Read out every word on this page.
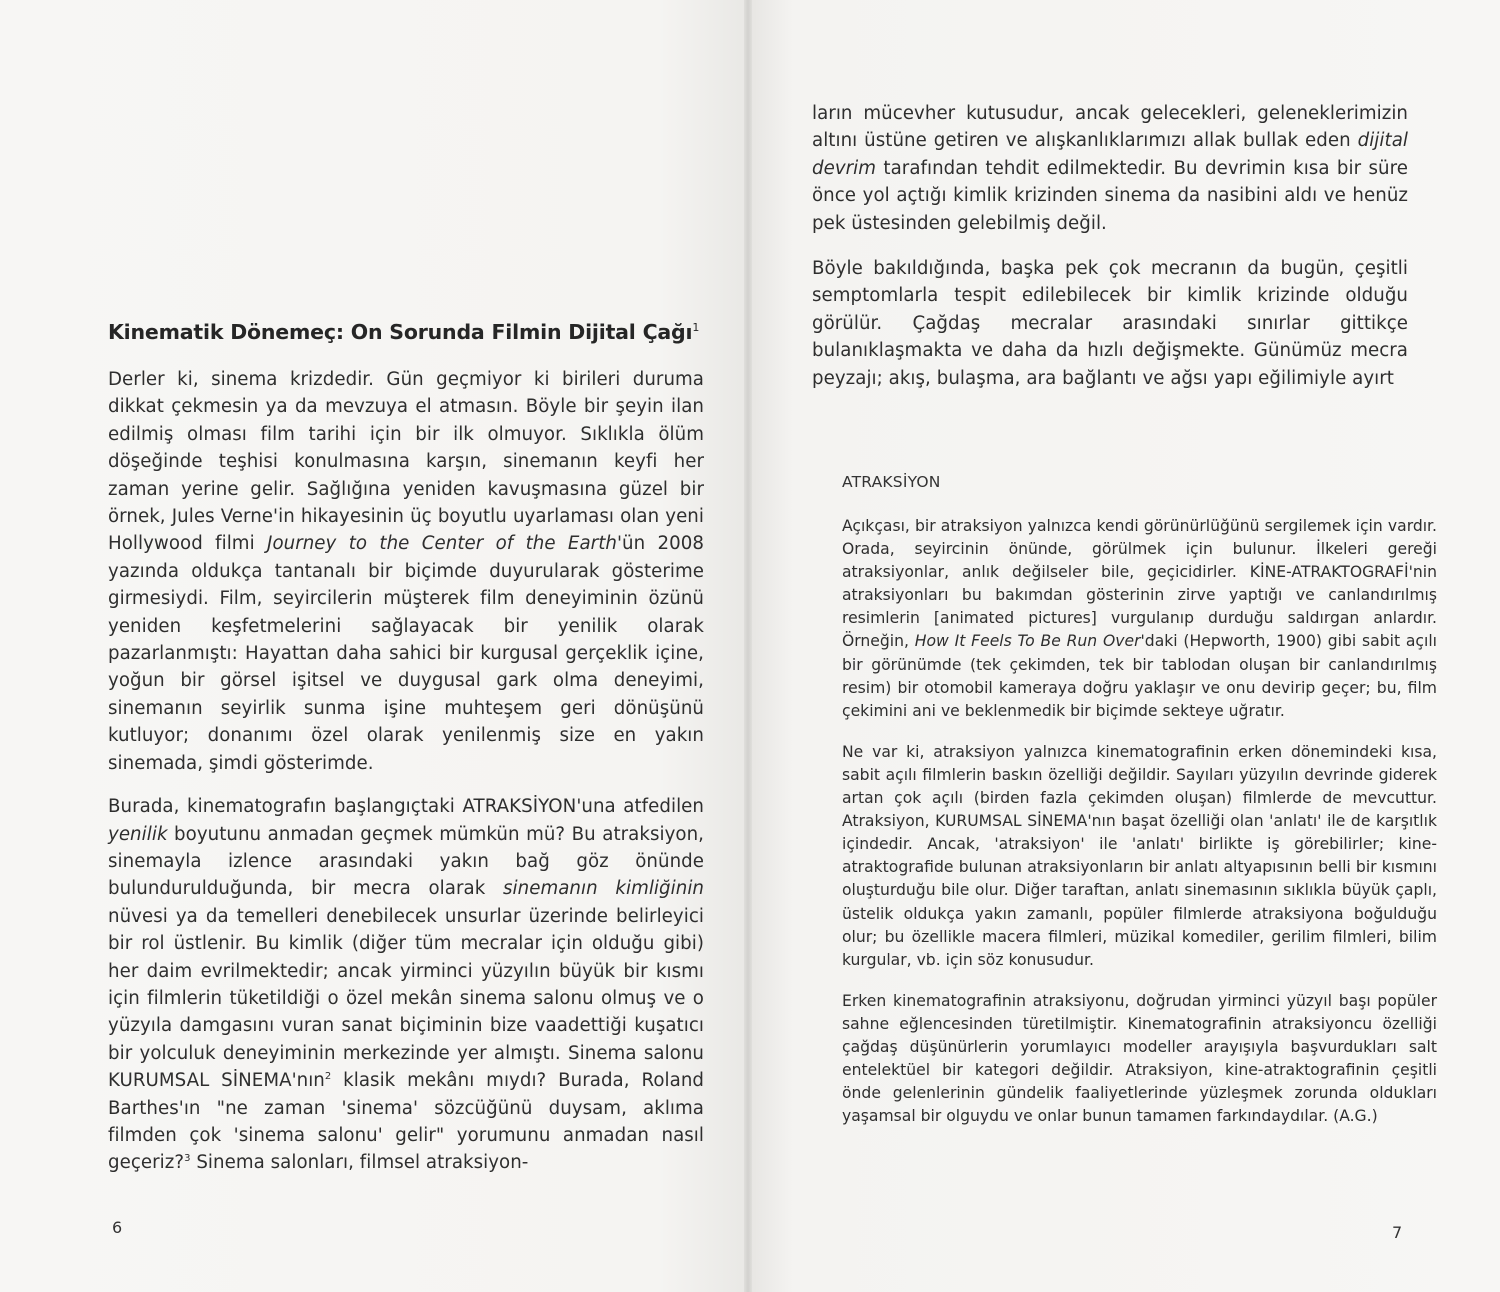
Kinematik Dönemeç: On Sorunda Filmin Dijital Çağı$^1$

Derler ki, sinema krizdedir. Gün geçmiyor ki birileri duruma dikkat çekmesin ya da mevzuya el atmasın. Böyle bir şeyin ilan edilmiş olması film tarihi için bir ilk olmuyor. Sıklıkla ölüm döşeğinde teşhisi konulmasına karşın, sinemanın keyfi her zaman yerine gelir. Sağlığına yeniden kavuşmasına güzel bir örnek, Jules Verne'in hikayesinin üç boyutlu uyarlaması olan yeni Hollywood filmi Journey to the Center of the Earth'ün 2008 yazında oldukça tantanalı bir biçimde duyurularak gösterime girmesiydi. Film, seyircilerin müşterek film deneyiminin özünü yeniden keşfetmelerini sağlayacak bir yenilik olarak pazarlanmıştı: Hayattan daha sahici bir kurgusal gerçeklik içine, yoğun bir görsel işitsel ve duygusal gark olma deneyimi, sinemanın seyirlik sunma işine muhteşem geri dönüşünü kutluyor; donanımı özel olarak yenilenmiş size en yakın sinemada, şimdi gösterimde.

Burada, kinematografın başlangıçtaki ATRAKSİYON'una atfedilen yenilik boyutunu anmadan geçmek mümkün mü? Bu atraksiyon, sinemayla izlence arasındaki yakın bağ göz önünde bulundurulduğunda, bir mecra olarak sinemanın kimliğinin nüvesi ya da temelleri denebilecek unsurlar üzerinde belirleyici bir rol üstlenir. Bu kimlik (diğer tüm mecralar için olduğu gibi) her daim evrilmektedir; ancak yirminci yüzyılın büyük bir kısmı için filmlerin tüketildiği o özel mekân sinema salonu olmuş ve o yüzyıla damgasını vuran sanat biçiminin bize vaadettiği kuşatıcı bir yolculuk deneyiminin merkezinde yer almıştı. Sinema salonu KURUMSAL SİNEMA'nın$^2$ klasik mekânı mıydı? Burada, Roland Barthes'ın "ne zaman 'sinema' sözcüğünü duysam, aklıma filmden çok 'sinema salonu' gelir" yorumunu anmadan nasıl geçeriz?$^3$ Sinema salonları, filmsel atraksiyon-

6

ların mücevher kutusudur, ancak gelecekleri, geleneklerimizin altını üstüne getiren ve alışkanlıklarımızı allak bullak eden dijital devrim tarafından tehdit edilmektedir. Bu devrimin kısa bir süre önce yol açtığı kimlik krizinden sinema da nasibini aldı ve henüz pek üstesinden gelebilmiş değil.

Böyle bakıldığında, başka pek çok mecranın da bugün, çeşitli semptomlarla tespit edilebilecek bir kimlik krizinde olduğu görülür. Çağdaş mecralar arasındaki sınırlar gittikçe bulanıklaşmakta ve daha da hızlı değişmekte. Günümüz mecra peyzajı; akış, bulaşma, ara bağlantı ve ağsı yapı eğilimiyle ayırt

ATRAKSİYON

Açıkçası, bir atraksiyon yalnızca kendi görünürlüğünü sergilemek için vardır. Orada, seyircinin önünde, görülmek için bulunur. İlkeleri gereği atraksiyonlar, anlık değilseler bile, geçicidirler. KİNE-ATRAKTOGRAFİ'nin atraksiyonları bu bakımdan gösterinin zirve yaptığı ve canlandırılmış resimlerin [animated pictures] vurgulanıp durduğu saldırgan anlardır. Örneğin, How It Feels To Be Run Over'daki (Hepworth, 1900) gibi sabit açılı bir görünümde (tek çekimden, tek bir tablodan oluşan bir canlandırılmış resim) bir otomobil kameraya doğru yaklaşır ve onu devirip geçer; bu, film çekimini ani ve beklenmedik bir biçimde sekteye uğratır.

Ne var ki, atraksiyon yalnızca kinematografinin erken dönemindeki kısa, sabit açılı filmlerin baskın özelliği değildir. Sayıları yüzyılın devrinde giderek artan çok açılı (birden fazla çekimden oluşan) filmlerde de mevcuttur. Atraksiyon, KURUMSAL SİNEMA'nın başat özelliği olan 'anlatı' ile de karşıtlık içindedir. Ancak, 'atraksiyon' ile 'anlatı' birlikte iş görebilirler; kine-atraktografide bulunan atraksiyonların bir anlatı altyapısının belli bir kısmını oluşturduğu bile olur. Diğer taraftan, anlatı sinemasının sıklıkla büyük çaplı, üstelik oldukça yakın zamanlı, popüler filmlerde atraksiyona boğulduğu olur; bu özellikle macera filmleri, müzikal komediler, gerilim filmleri, bilim kurgular, vb. için söz konusudur.

Erken kinematografinin atraksiyonu, doğrudan yirminci yüzyıl başı popüler sahne eğlencesinden türetilmiştir. Kinematografinin atraksiyoncu özelliği çağdaş düşünürlerin yorumlayıcı modeller arayışıyla başvurdukları salt entelektüel bir kategori değildir. Atraksiyon, kine-atraktografinin çeşitli önde gelenlerinin gündelik faaliyetlerinde yüzleşmek zorunda oldukları yaşamsal bir olguydu ve onlar bunun tamamen farkındaydılar. (A.G.)

7
